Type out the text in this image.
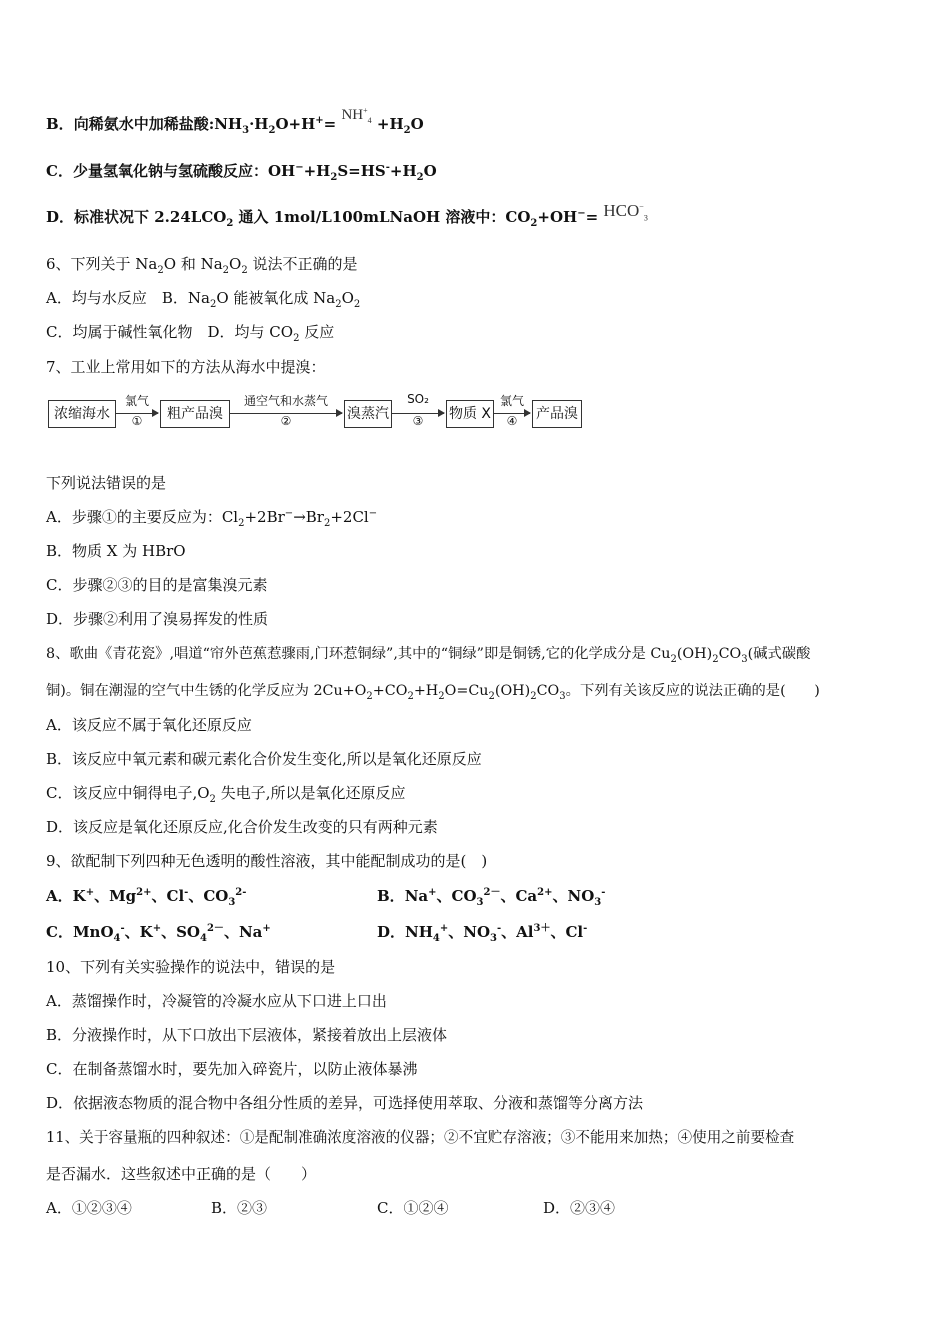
B．向稀氨水中加稀盐酸$:NH_3\cdot H_2O+H^+= NH^+_4 +H_2O$
C．少量氢氧化钠与氢硫酸反应：$OH^-+H_2S=HS^-+H_2O$
D．标准状况下 $2.24LCO_2$ 通入 1mol/L100mLNaOH 溶液中：$CO_2+OH^-= HCO^-_3$
6、下列关于 $Na_2O$ 和 $Na_2O_2$ 说法不正确的是
A．均与水反应　 B．$Na_2O$ 能被氧化成 $Na_2O_2$
C．均属于碱性氧化物　 D．均与 $CO_2$ 反应
7、工业上常用如下的方法从海水中提溴：
浓缩海水
氯气
①	粗产品溴
通空气和水蒸气
②	溴蒸汽
SO₂
③	物质 X
氯气
④	产品溴
下列说法错误的是
A．步骤①的主要反应为：$Cl_2+2Br^-\to Br_2+2Cl^-$
B．物质 X 为 HBrO
C．步骤②③的目的是富集溴元素
D．步骤②利用了溴易挥发的性质
8、歌曲《青花瓷》,唱道“帘外芭蕉惹骤雨,门环惹铜绿”,其中的“铜绿”即是铜锈,它的化学成分是 $Cu_2(OH)_2CO_3$(碱式碳酸
铜)。铜在潮湿的空气中生锈的化学反应为 $2Cu+O_2+CO_2+H_2O=Cu_2(OH)_2CO_3$。下列有关该反应的说法正确的是(　　)
A．该反应不属于氧化还原反应
B．该反应中氧元素和碳元素化合价发生变化,所以是氧化还原反应
C．该反应中铜得电子$,O_2$ 失电子,所以是氧化还原反应
D．该反应是氧化还原反应,化合价发生改变的只有两种元素
9、欲配制下列四种无色透明的酸性溶液，其中能配制成功的是(　)
A．K+、$Mg^{2+}$、Cl-、$CO_3^{2-}$	B．Na+、$CO_3^{2-}$、$Ca^{2+}$、$NO_3^-$
C．MnO$_4$-、K+、$SO_4^{2-}$、Na+	D．$NH_4^+$、$NO_3^-$、$Al^{3+}$、Cl-
10、下列有关实验操作的说法中，错误的是
A．蒸馏操作时，冷凝管的冷凝水应从下口进上口出
B．分液操作时，从下口放出下层液体，紧接着放出上层液体
C．在制备蒸馏水时，要先加入碎瓷片，以防止液体暴沸
D．依据液态物质的混合物中各组分性质的差异，可选择使用萃取、分液和蒸馏等分离方法
11、关于容量瓶的四种叙述：①是配制准确浓度溶液的仪器；②不宜贮存溶液；③不能用来加热；④使用之前要检查
是否漏水．这些叙述中正确的是（　　）
A．①②③④	B．②③	C．①②④	D．②③④
